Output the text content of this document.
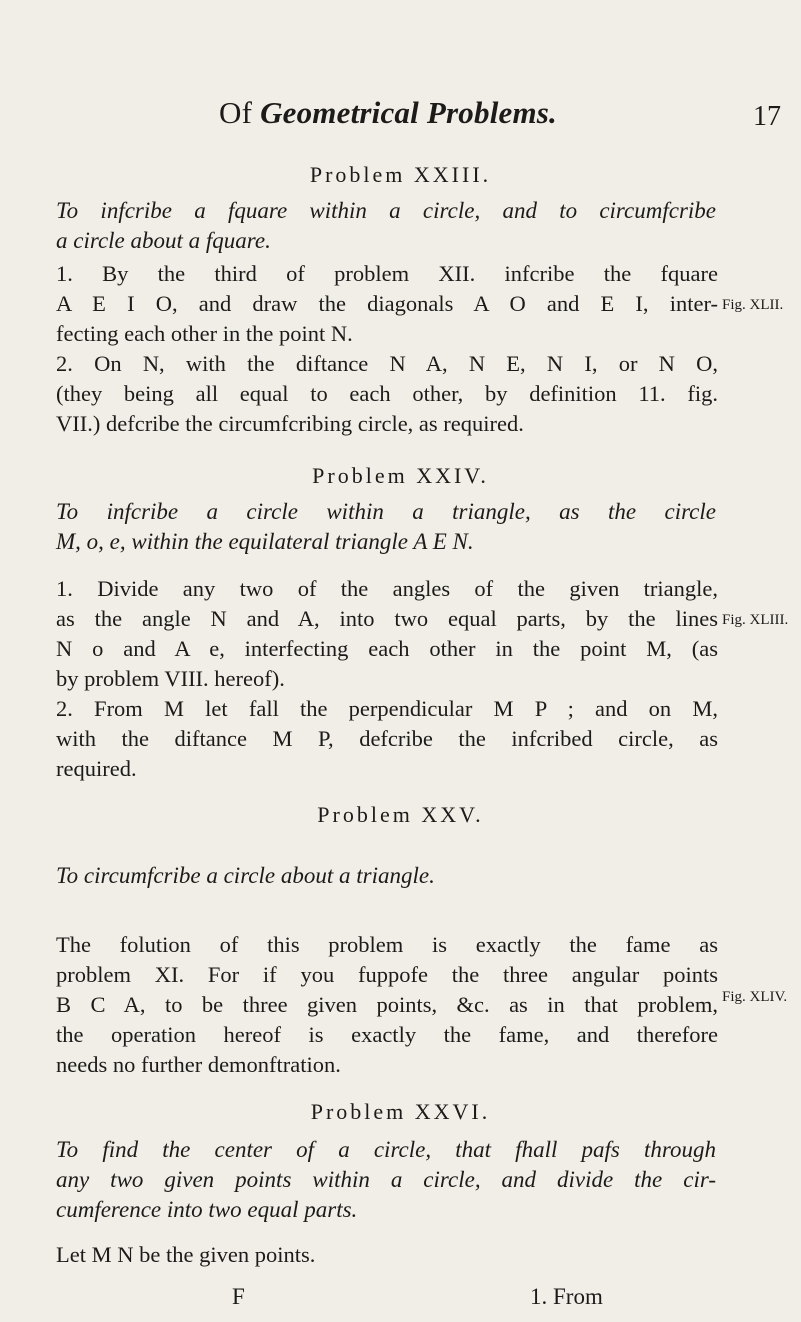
Of Geometrical Problems.	17
Problem XXIII.
To infcribe a fquare within a circle, and to circumfcribe
a circle about a fquare.
1. By the third of problem XII. infcribe the fquare
A E I O, and draw the diagonals A O and E I, inter-
fecting each other in the point N.
Fig. XLII.
2. On N, with the diftance N A, N E, N I, or N O,
(they being all equal to each other, by definition 11. fig.
VII.) defcribe the circumfcribing circle, as required.
Problem XXIV.
To infcribe a circle within a triangle, as the circle
M, o, e, within the equilateral triangle A E N.
1. Divide any two of the angles of the given triangle,
as the angle N and A, into two equal parts, by the lines
N o and A e, interfecting each other in the point M, (as
by problem VIII. hereof).
Fig. XLIII.
2. From M let fall the perpendicular M P ; and on M,
with the diftance M P, defcribe the infcribed circle, as
required.
Problem XXV.
To circumfcribe a circle about a triangle.
The folution of this problem is exactly the fame as
problem XI. For if you fuppofe the three angular points
B C A, to be three given points, &c. as in that problem,
the operation hereof is exactly the fame, and therefore
needs no further demonftration.
Fig. XLIV.
Problem XXVI.
To find the center of a circle, that fhall pafs through
any two given points within a circle, and divide the cir-
cumference into two equal parts.
Let M N be the given points.
F	1. From
